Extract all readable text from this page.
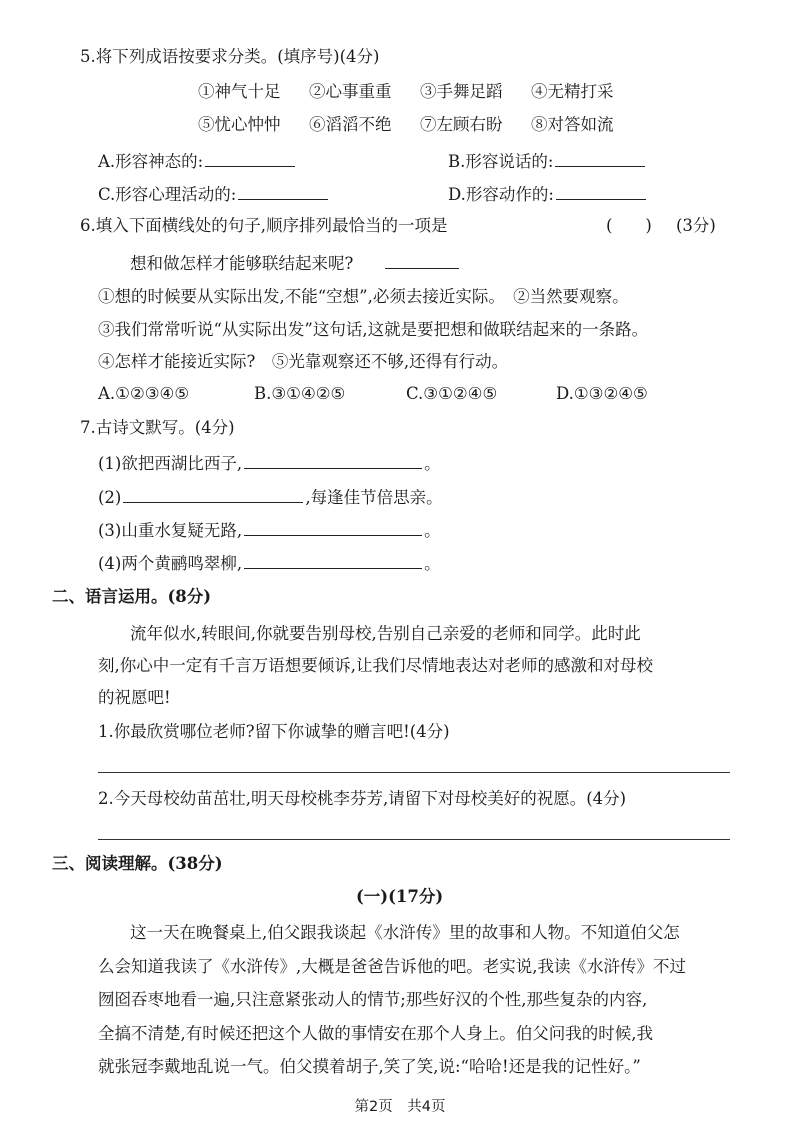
5.将下列成语按要求分类。(填序号)(4分)
①神气十足 ②心事重重 ③手舞足蹈 ④无精打采
⑤忧心忡忡 ⑥滔滔不绝 ⑦左顾右盼 ⑧对答如流
A.形容神态的:	B.形容说话的:
C.形容心理活动的:	D.形容动作的:
6.填入下面横线处的句子,顺序排列最恰当的一项是	(　　) (3分)
想和做怎样才能够联结起来呢?
①想的时候要从实际出发,不能“空想”,必须去接近实际。　②当然要观察。
③我们常常听说“从实际出发”这句话,这就是要把想和做联结起来的一条路。
④怎样才能接近实际?　⑤光靠观察还不够,还得有行动。
A.①②③④⑤	B.③①④②⑤	C.③①②④⑤	D.①③②④⑤
7.古诗文默写。(4分)
(1)欲把西湖比西子,	。
(2)	,每逢佳节倍思亲。
(3)山重水复疑无路,	。
(4)两个黄鹂鸣翠柳,	。
二、语言运用。(8分)
流年似水,转眼间,你就要告别母校,告别自己亲爱的老师和同学。此时此
刻,你心中一定有千言万语想要倾诉,让我们尽情地表达对老师的感激和对母校
的祝愿吧!
1.你最欣赏哪位老师?留下你诚挚的赠言吧!(4分)
2.今天母校幼苗茁壮,明天母校桃李芬芳,请留下对母校美好的祝愿。(4分)
三、阅读理解。(38分)
(一)(17分)
这一天在晚餐桌上,伯父跟我谈起《水浒传》里的故事和人物。不知道伯父怎
么会知道我读了《水浒传》,大概是爸爸告诉他的吧。老实说,我读《水浒传》不过
囫囵吞枣地看一遍,只注意紧张动人的情节;那些好汉的个性,那些复杂的内容,
全搞不清楚,有时候还把这个人做的事情安在那个人身上。伯父问我的时候,我
就张冠李戴地乱说一气。伯父摸着胡子,笑了笑,说:“哈哈!还是我的记性好。”
第2页　共4页
